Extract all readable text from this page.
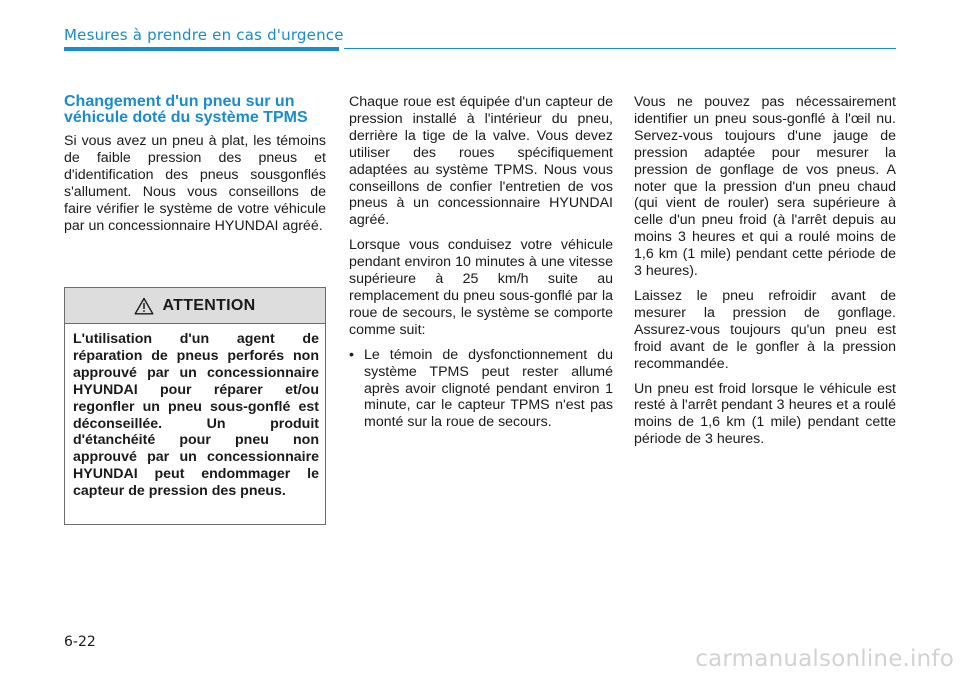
Mesures à prendre en cas d'urgence
Changement d'un pneu sur un véhicule doté du système TPMS

Si vous avez un pneu à plat, les témoins de faible pression des pneus et d'identification des pneus sousgonflés s'allument. Nous vous conseillons de faire vérifier le système de votre véhicule par un concessionnaire HYUNDAI agréé.

ATTENTION
L'utilisation d'un agent de réparation de pneus perforés non approuvé par un concessionnaire HYUNDAI pour réparer et/ou regonfler un pneu sous-gonflé est déconseillée. Un produit d'étanchéité pour pneu non approuvé par un concessionnaire HYUNDAI peut endommager le capteur de pression des pneus.

Chaque roue est équipée d'un capteur de pression installé à l'intérieur du pneu, derrière la tige de la valve. Vous devez utiliser des roues spécifiquement adaptées au système TPMS. Nous vous conseillons de confier l'entretien de vos pneus à un concessionnaire HYUNDAI agréé.

Lorsque vous conduisez votre véhicule pendant environ 10 minutes à une vitesse supérieure à 25 km/h suite au remplacement du pneu sous-gonflé par la roue de secours, le système se comporte comme suit:

• Le témoin de dysfonctionnement du système TPMS peut rester allumé après avoir clignoté pendant environ 1 minute, car le capteur TPMS n'est pas monté sur la roue de secours.

Vous ne pouvez pas nécessairement identifier un pneu sous-gonflé à l'œil nu. Servez-vous toujours d'une jauge de pression adaptée pour mesurer la pression de gonflage de vos pneus. A noter que la pression d'un pneu chaud (qui vient de rouler) sera supérieure à celle d'un pneu froid (à l'arrêt depuis au moins 3 heures et qui a roulé moins de 1,6 km (1 mile) pendant cette période de 3 heures).

Laissez le pneu refroidir avant de mesurer la pression de gonflage. Assurez-vous toujours qu'un pneu est froid avant de le gonfler à la pression recommandée.

Un pneu est froid lorsque le véhicule est resté à l'arrêt pendant 3 heures et a roulé moins de 1,6 km (1 mile) pendant cette période de 3 heures.

6-22
carmanualsonline.info
